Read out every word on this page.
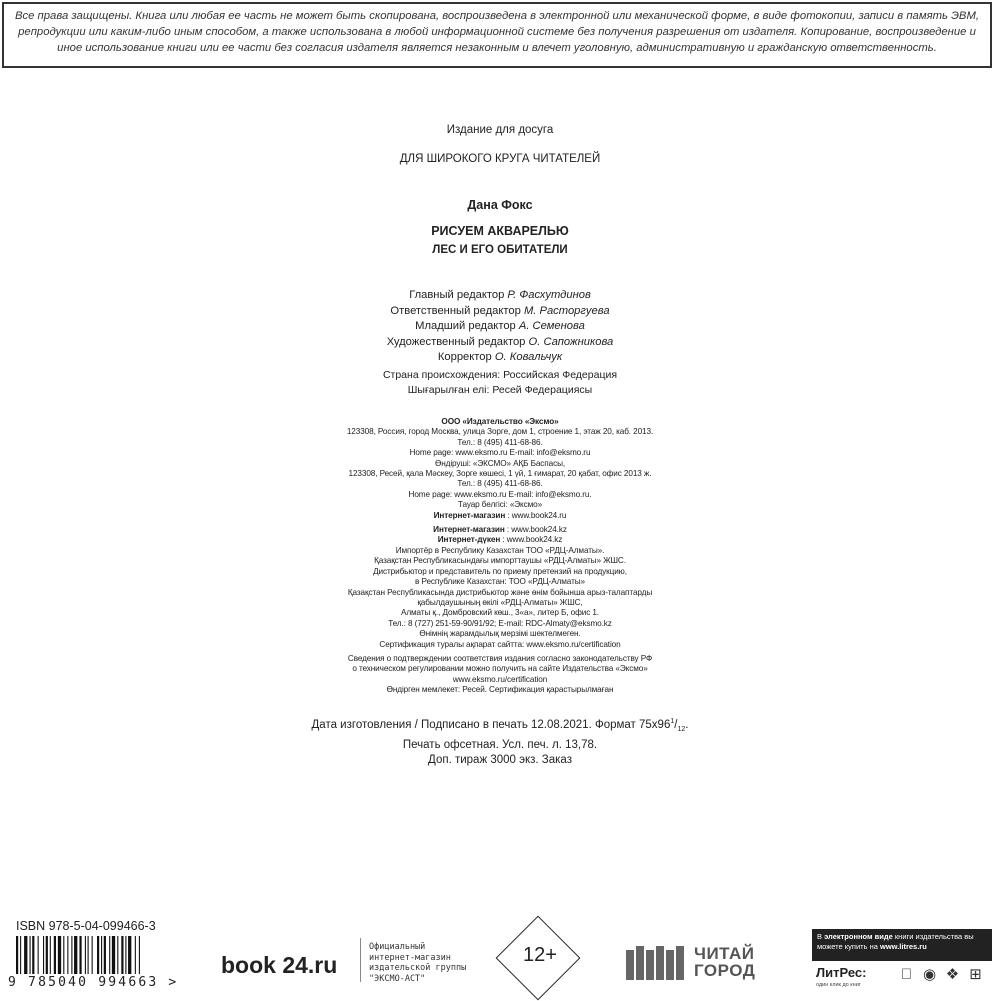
Все права защищены. Книга или любая ее часть не может быть скопирована, воспроизведена в электронной или механической форме, в виде фотокопии, записи в память ЭВМ, репродукции или каким-либо иным способом, а также использована в любой информационной системе без получения разрешения от издателя. Копирование, воспроизведение и иное использование книги или ее части без согласия издателя является незаконным и влечет уголовную, административную и гражданскую ответственность.
Издание для досуга
ДЛЯ ШИРОКОГО КРУГА ЧИТАТЕЛЕЙ
Дана Фокс
РИСУЕМ АКВАРЕЛЬЮ
ЛЕС И ЕГО ОБИТАТЕЛИ
Главный редактор Р. Фасхутдинов
Ответственный редактор М. Расторгуева
Младший редактор А. Семенова
Художественный редактор О. Сапожникова
Корректор О. Ковальчук
Страна происхождения: Российская Федерация
Шығарылған елі: Ресей Федерациясы
ООО «Издательство «Эксмо»
123308, Россия, город Москва, улица Зорге, дом 1, строение 1, этаж 20, каб. 2013.
Тел.: 8 (495) 411-68-86.
Home page: www.eksmo.ru E-mail: info@eksmo.ru
Өндіруші: «ЭКСМО» АҚБ Баспасы,
123308, Ресей, қала Мәскеу, Зорге көшесі, 1 үй, 1 ғимарат, 20 қабат, офис 2013 ж.
Тел.: 8 (495) 411-68-86.
Home page: www.eksmo.ru E-mail: info@eksmo.ru.
Тауар белгісі: «Эксмо»
Интернет-магазин : www.book24.ru
Интернет-магазин : www.book24.kz
Интернет-дүкен : www.book24.kz
Импортёр в Республику Казахстан ТОО «РДЦ-Алматы».
Қазақстан Республикасындағы импорттаушы «РДЦ-Алматы» ЖШС.
Дистрибьютор и представитель по приему претензий на продукцию,
в Республике Казахстан: ТОО «РДЦ-Алматы»
Қазақстан Республикасында дистрибьютор және өнім бойынша арыз-талаптарды
қабылдаушының өкілі «РДЦ-Алматы» ЖШС,
Алматы қ., Домбровский көш., 3«а», литер Б, офис 1.
Тел.: 8 (727) 251-59-90/91/92; E-mail: RDC-Almaty@eksmo.kz
Өнімнің жарамдылық мерзімі шектелмеген.
Сертификация туралы ақпарат сайтта: www.eksmo.ru/certification
Сведения о подтверждении соответствия издания согласно законодательству РФ
о техническом регулировании можно получить на сайте Издательства «Эксмо»
www.eksmo.ru/certification
Өндірген мемлекет: Ресей. Сертификация қарастырылмаған
Дата изготовления / Подписано в печать 12.08.2021. Формат $75x96^1/_{12}$.
Печать офсетная. Усл. печ. л. 13,78.
Доп. тираж 3000 экз. Заказ
ISBN 978-5-04-099466-3
9 785040 994663 >
book 24.ru
Официальный
интернет-магазин
издательской группы
"ЭКСМО-АСТ"
12+	ЧИТАЙ
ГОРОД
В электронном виде книги издательства вы можете купить на www.litres.ru
ЛитРес:
один клик до книг
◉ ❖ ⊞
